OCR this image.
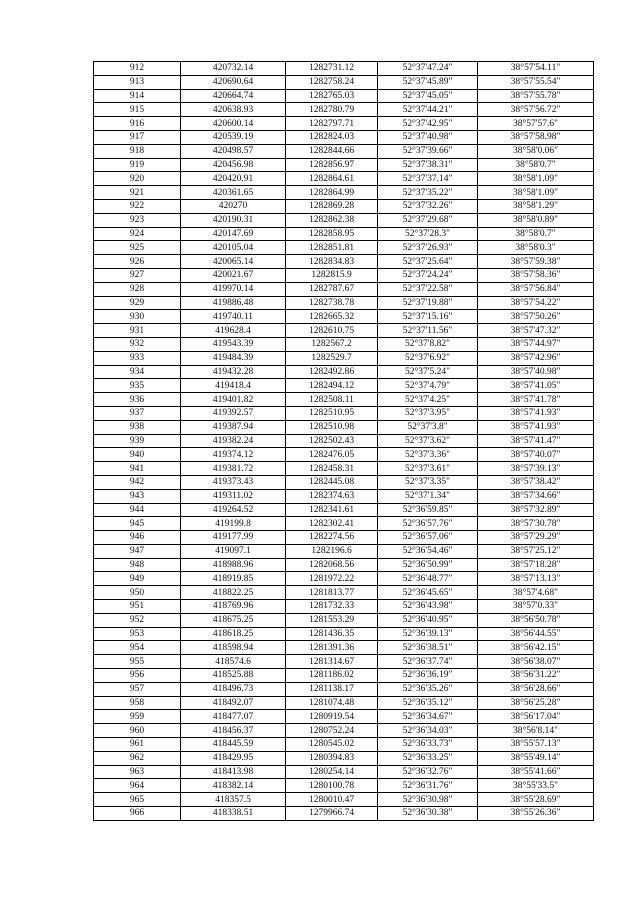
912	420732.14	1282731.12	52°37'47.24"	38°57'54.11"
913	420690.64	1282758.24	52°37'45.89"	38°57'55.54"
914	420664.74	1282765.03	52°37'45.05"	38°57'55.78"
915	420638.93	1282780.79	52°37'44.21"	38°57'56.72"
916	420600.14	1282797.71	52°37'42.95"	38°57'57.6"
917	420539.19	1282824.03	52°37'40.98"	38°57'58.98"
918	420498.57	1282844.66	52°37'39.66"	38°58'0.06"
919	420456.98	1282856.97	52°37'38.31"	38°58'0.7"
920	420420.91	1282864.61	52°37'37.14"	38°58'1.09"
921	420361.65	1282864.99	52°37'35.22"	38°58'1.09"
922	420270	1282869.28	52°37'32.26"	38°58'1.29"
923	420190.31	1282862.38	52°37'29.68"	38°58'0.89"
924	420147.69	1282858.95	52°37'28.3"	38°58'0.7"
925	420105.04	1282851.81	52°37'26.93"	38°58'0.3"
926	420065.14	1282834.83	52°37'25.64"	38°57'59.38"
927	420021.67	1282815.9	52°37'24.24"	38°57'58.36"
928	419970.14	1282787.67	52°37'22.58"	38°57'56.84"
929	419886.48	1282738.78	52°37'19.88"	38°57'54.22"
930	419740.11	1282665.32	52°37'15.16"	38°57'50.26"
931	419628.4	1282610.75	52°37'11.56"	38°57'47.32"
932	419543.39	1282567.2	52°37'8.82"	38°57'44.97"
933	419484.39	1282529.7	52°37'6.92"	38°57'42.96"
934	419432.28	1282492.86	52°37'5.24"	38°57'40.98"
935	419418.4	1282494.12	52°37'4.79"	38°57'41.05"
936	419401.82	1282508.11	52°37'4.25"	38°57'41.78"
937	419392.57	1282510.95	52°37'3.95"	38°57'41.93"
938	419387.94	1282510.98	52°37'3.8"	38°57'41.93"
939	419382.24	1282502.43	52°37'3.62"	38°57'41.47"
940	419374.12	1282476.05	52°37'3.36"	38°57'40.07"
941	419381.72	1282458.31	52°37'3.61"	38°57'39.13"
942	419373.43	1282445.08	52°37'3.35"	38°57'38.42"
943	419311.02	1282374.63	52°37'1.34"	38°57'34.66"
944	419264.52	1282341.61	52°36'59.85"	38°57'32.89"
945	419199.8	1282302.41	52°36'57.76"	38°57'30.78"
946	419177.99	1282274.56	52°36'57.06"	38°57'29.29"
947	419097.1	1282196.6	52°36'54.46"	38°57'25.12"
948	418988.96	1282068.56	52°36'50.99"	38°57'18.28"
949	418919.85	1281972.22	52°36'48.77"	38°57'13.13"
950	418822.25	1281813.77	52°36'45.65"	38°57'4.68"
951	418769.96	1281732.33	52°36'43.98"	38°57'0.33"
952	418675.25	1281553.29	52°36'40.95"	38°56'50.78"
953	418618.25	1281436.35	52°36'39.13"	38°56'44.55"
954	418598.94	1281391.36	52°36'38.51"	38°56'42.15"
955	418574.6	1281314.67	52°36'37.74"	38°56'38.07"
956	418525.88	1281186.02	52°36'36.19"	38°56'31.22"
957	418496.73	1281138.17	52°36'35.26"	38°56'28.66"
958	418492.07	1281074.48	52°36'35.12"	38°56'25.28"
959	418477.07	1280919.54	52°36'34.67"	38°56'17.04"
960	418456.37	1280752.24	52°36'34.03"	38°56'8.14"
961	418445.59	1280545.02	52°36'33.73"	38°55'57.13"
962	418429.95	1280394.83	52°36'33.25"	38°55'49.14"
963	418413.98	1280254.14	52°36'32.76"	38°55'41.66"
964	418382.14	1280100.78	52°36'31.76"	38°55'33.5"
965	418357.5	1280010.47	52°36'30.98"	38°55'28.69"
966	418338.51	1279966.74	52°36'30.38"	38°55'26.36"
